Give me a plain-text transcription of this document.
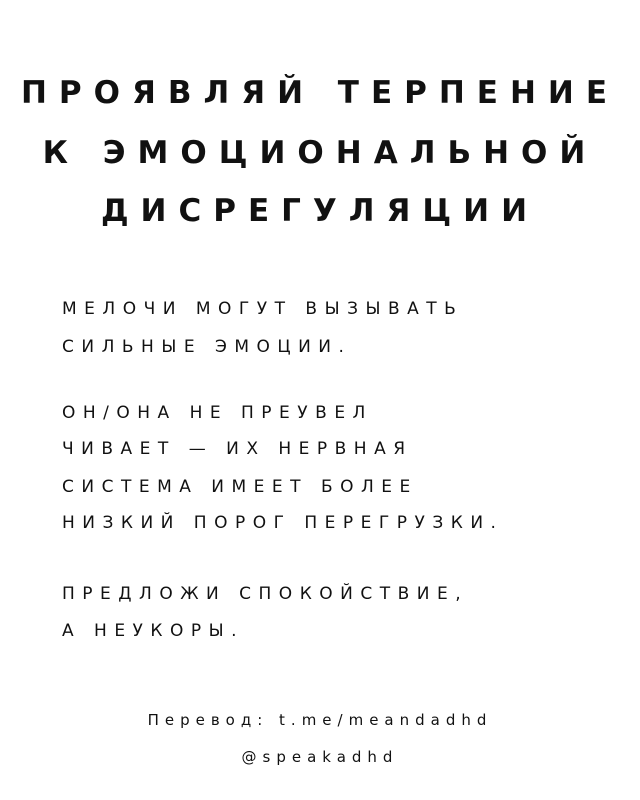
ПРОЯВЛЯЙ ТЕРПЕНИЕ
К ЭМОЦИОНАЛЬНОЙ
ДИСРЕГУЛЯЦИИ
МЕЛОЧИ МОГУТ ВЫЗЫВАТЬ
СИЛЬНЫЕ ЭМОЦИИ.
ОН/ОНА НЕ ПРЕУВЕЛ
ЧИВАЕТ — ИХ НЕРВНАЯ
СИСТЕМА ИМЕЕТ БОЛЕЕ
НИЗКИЙ ПОРОГ ПЕРЕГРУЗКИ.
ПРЕДЛОЖИ СПОКОЙСТВИЕ,
А НЕУКОРЫ.
Перевод: t.me/meandadhd
@speakadhd
